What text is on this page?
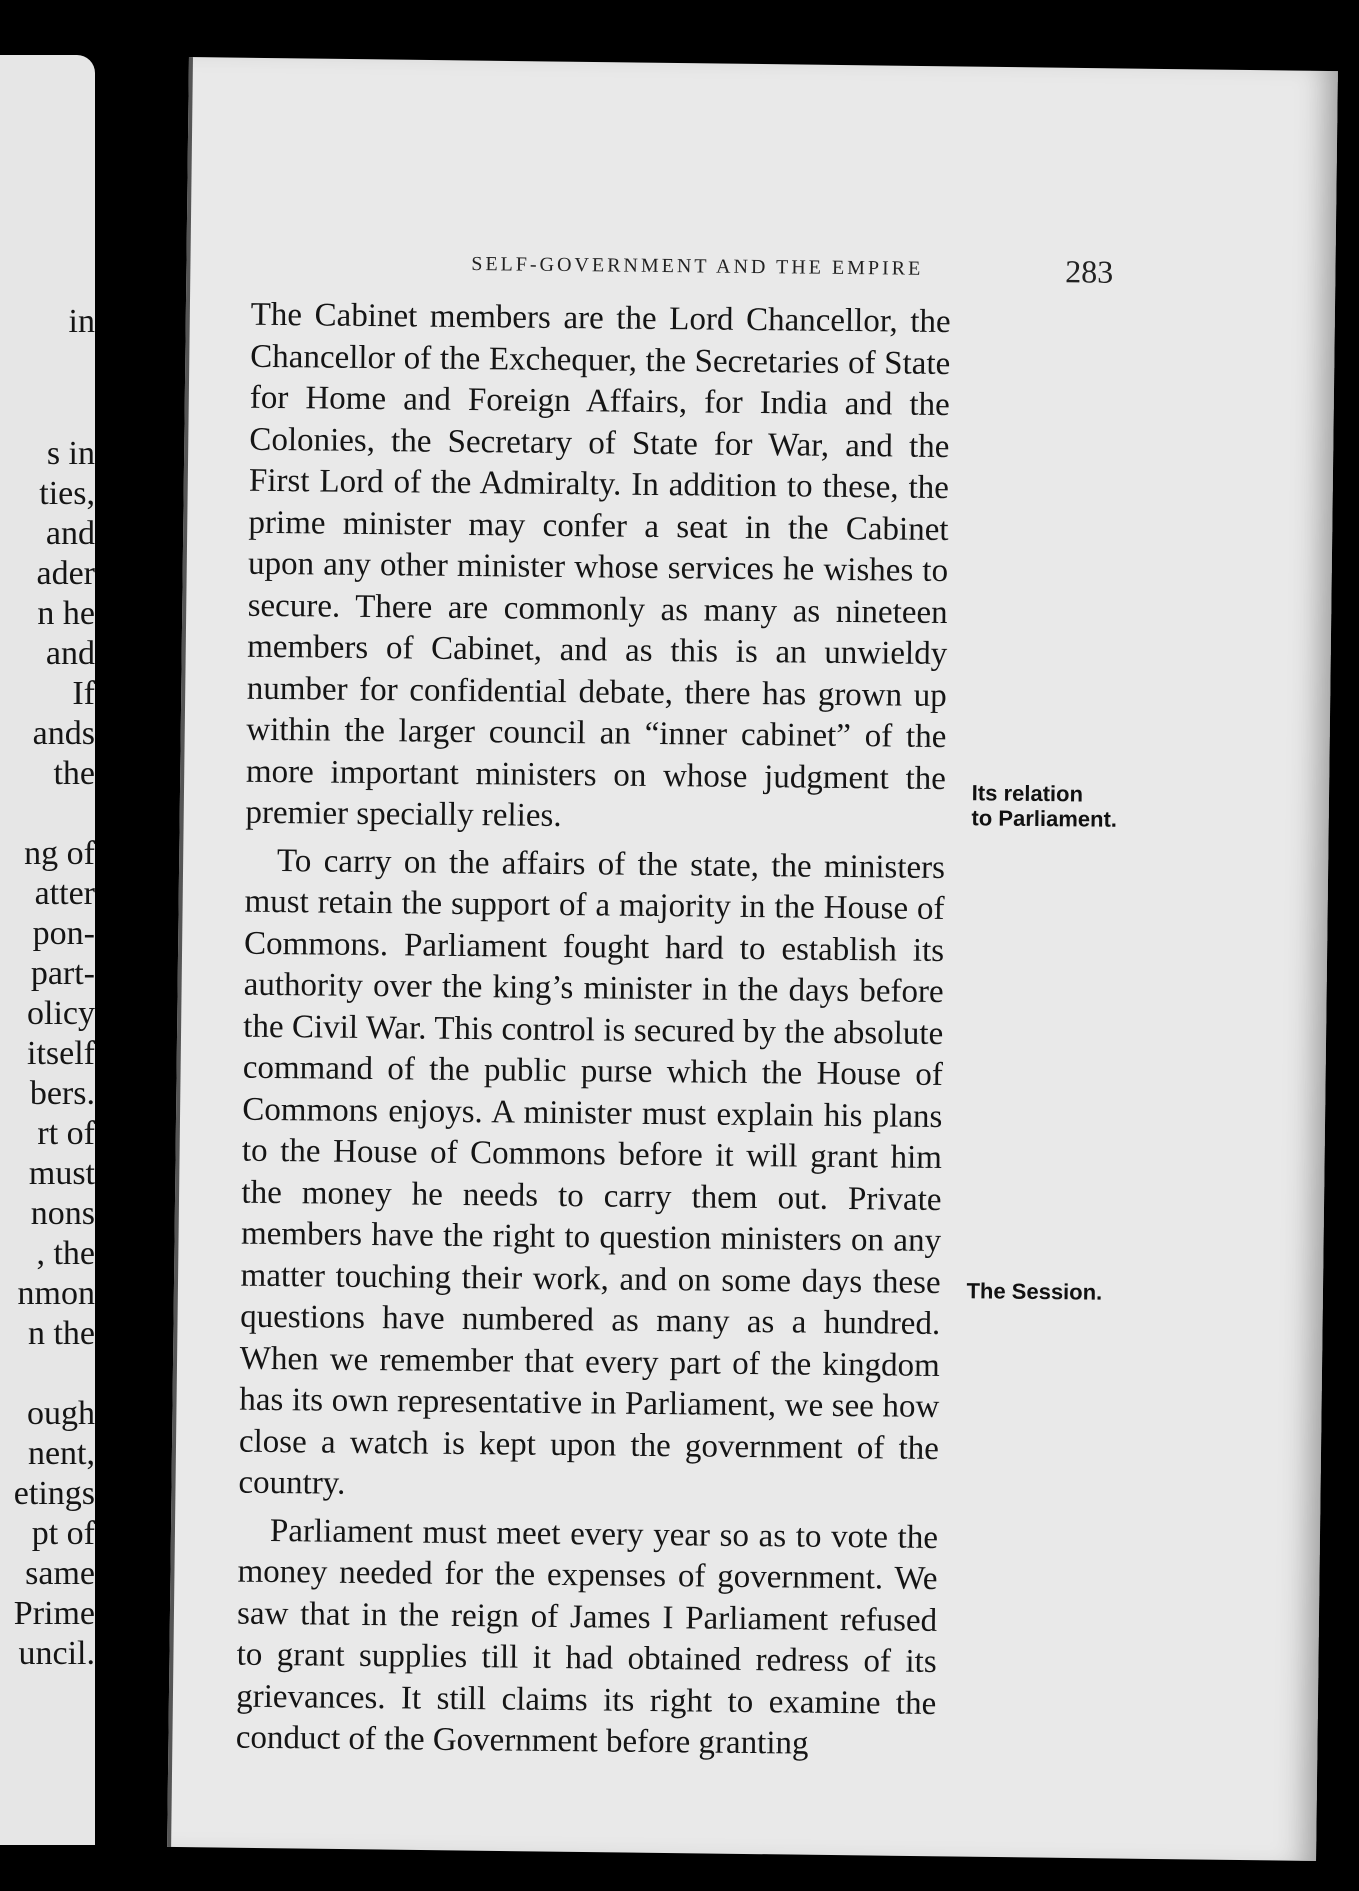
in
s in
ties,
and
ader
n he
and
If
ands
the
ng of
atter
pon-
part-
olicy
itself
bers.
rt of
must
nons
, the
nmon
n the
ough
nent,
etings
pt of
same
Prime
uncil.
SELF-GOVERNMENT AND THE EMPIRE	283

The Cabinet members are the Lord Chancellor, the Chancellor of the Exchequer, the Secretaries of State for Home and Foreign Affairs, for India and the Colonies, the Secretary of State for War, and the First Lord of the Admiralty. In addition to these, the prime minister may confer a seat in the Cabinet upon any other minister whose services he wishes to secure. There are commonly as many as nineteen members of Cabinet, and as this is an unwieldy number for confidential debate, there has grown up within the larger council an “inner cabinet” of the more important ministers on whose judgment the premier specially relies.

To carry on the affairs of the state, the ministers must retain the support of a majority in the House of Commons. Parliament fought hard to establish its authority over the king’s minister in the days before the Civil War. This control is secured by the absolute command of the public purse which the House of Commons enjoys. A minister must explain his plans to the House of Commons before it will grant him the money he needs to carry them out. Private members have the right to question ministers on any matter touching their work, and on some days these questions have numbered as many as a hundred. When we remember that every part of the kingdom has its own representative in Parliament, we see how close a watch is kept upon the government of the country.

Parliament must meet every year so as to vote the money needed for the expenses of government. We saw that in the reign of James I Parliament refused to grant supplies till it had obtained redress of its grievances. It still claims its right to examine the conduct of the Government before granting

Its relation
to Parliament.
The Session.
